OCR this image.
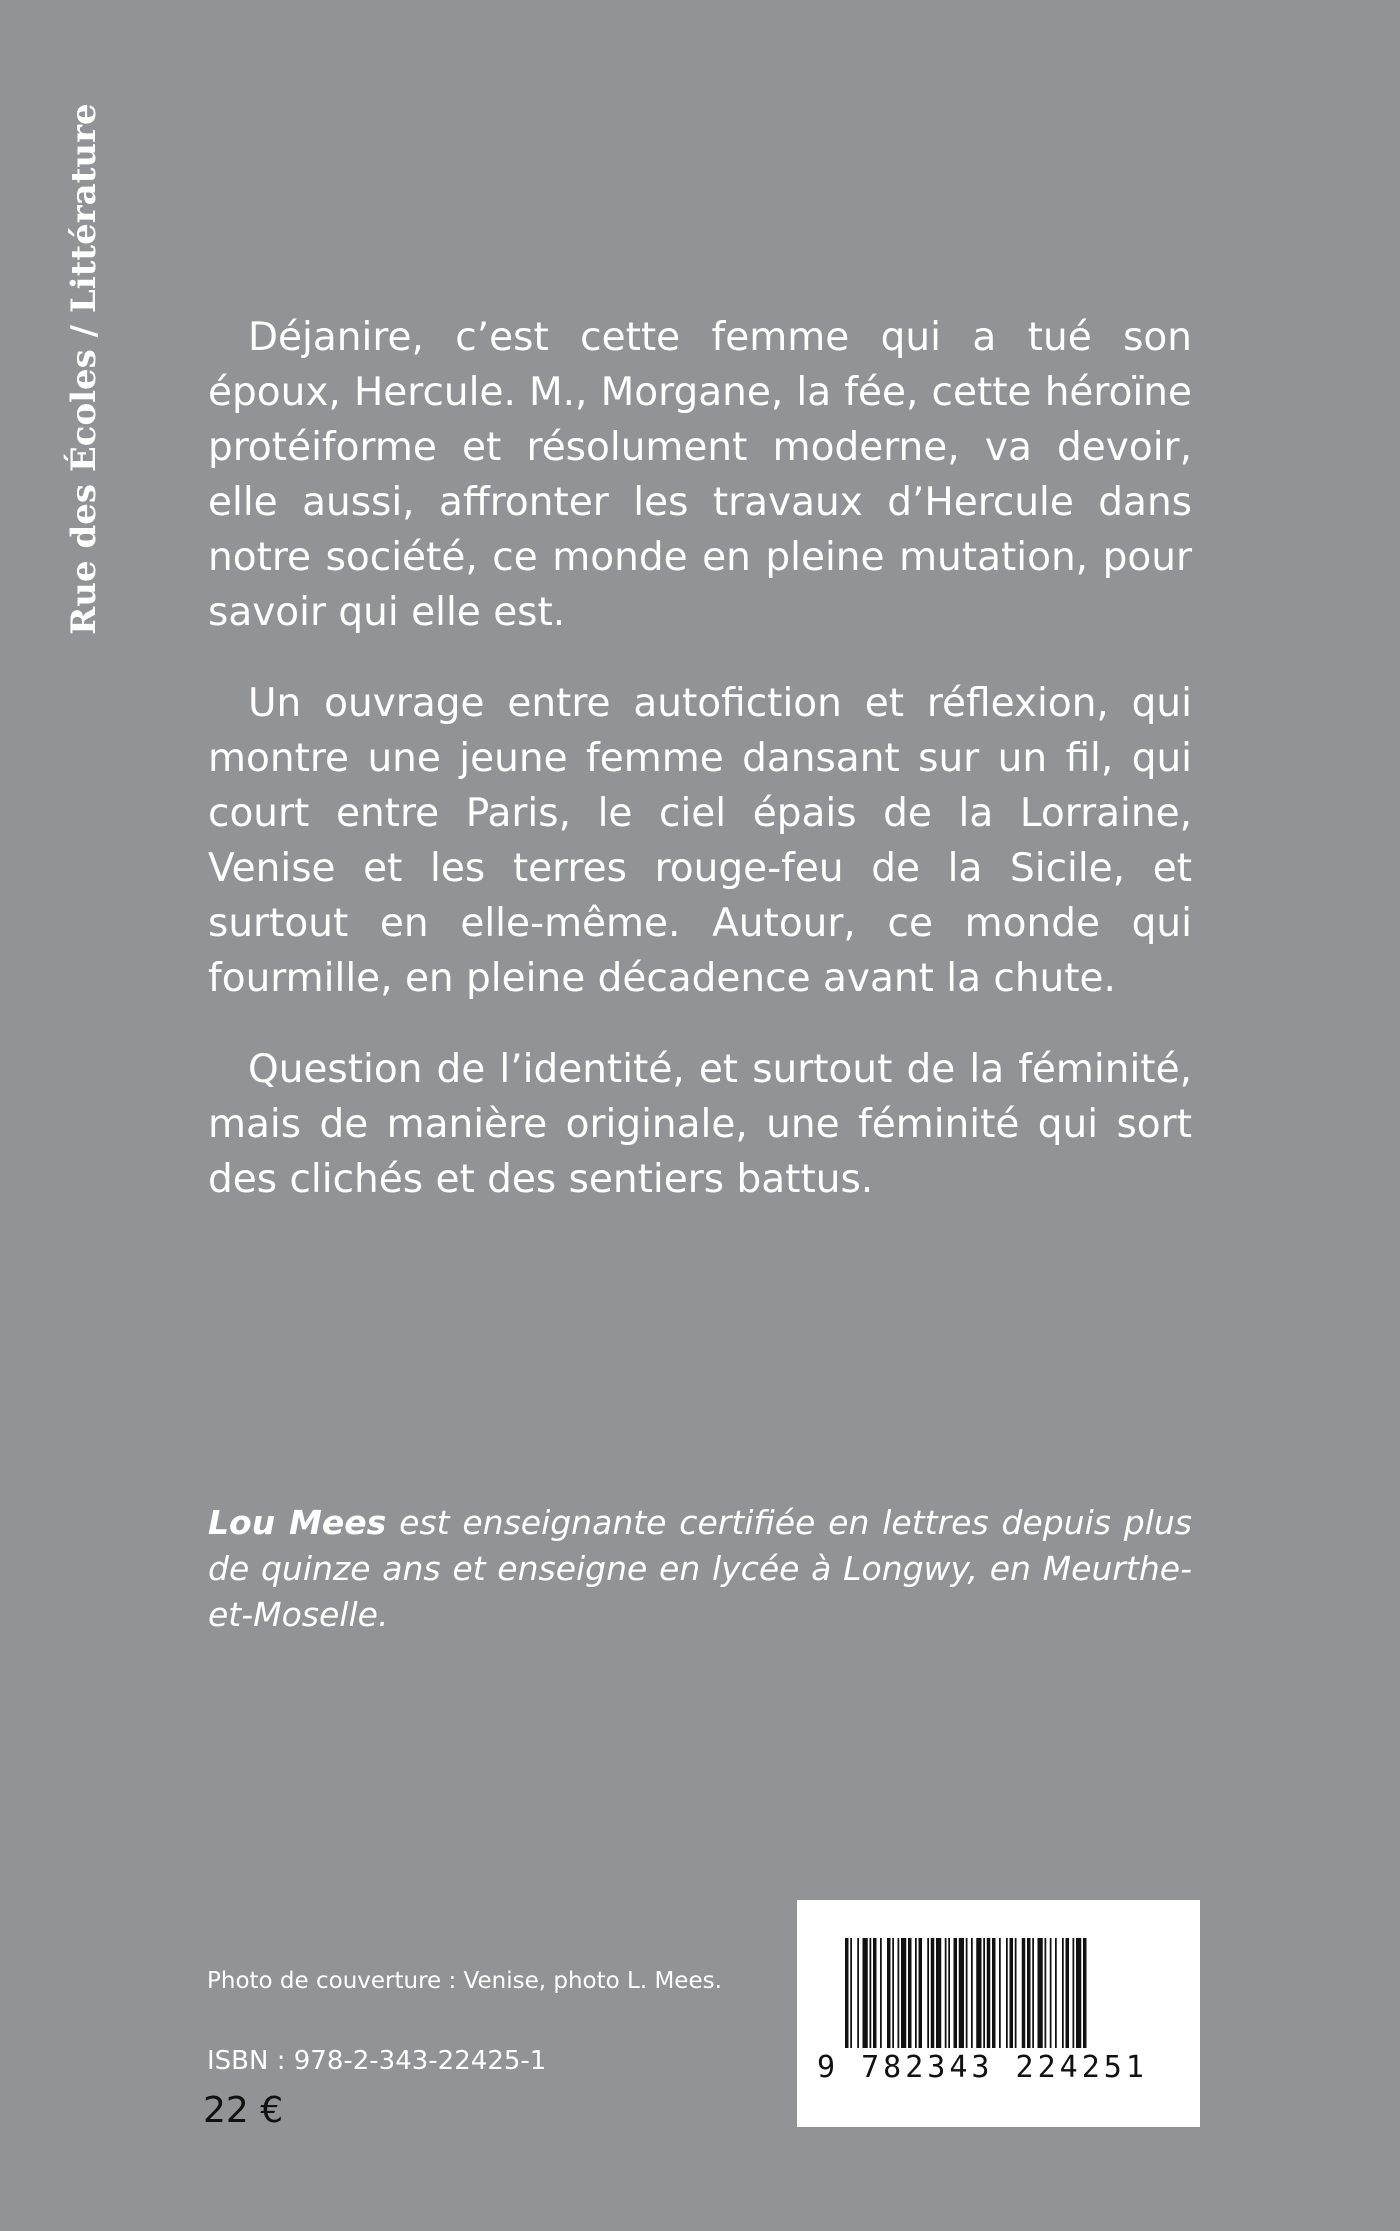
Rue des Écoles / Littérature	Déjanire, c’est cette femme qui a tué son époux, Hercule. M., Morgane, la fée, cette héroïne protéiforme et résolument moderne, va devoir, elle aussi, affronter les travaux d’Hercule dans notre société, ce monde en pleine mutation, pour savoir qui elle est.

Un ouvrage entre autofiction et réflexion, qui montre une jeune femme dansant sur un fil, qui court entre Paris, le ciel épais de la Lorraine, Venise et les terres rouge-feu de la Sicile, et surtout en elle-même. Autour, ce monde qui fourmille, en pleine décadence avant la chute.

Question de l’identité, et surtout de la féminité, mais de manière originale, une féminité qui sort des clichés et des sentiers battus.

Lou Mees est enseignante certifiée en lettres depuis plus de quinze ans et enseigne en lycée à Longwy, en Meurthe-et-Moselle.

Photo de couverture : Venise, photo L. Mees.
ISBN : 978-2-343-22425-1
22 €
9 782343 224251
